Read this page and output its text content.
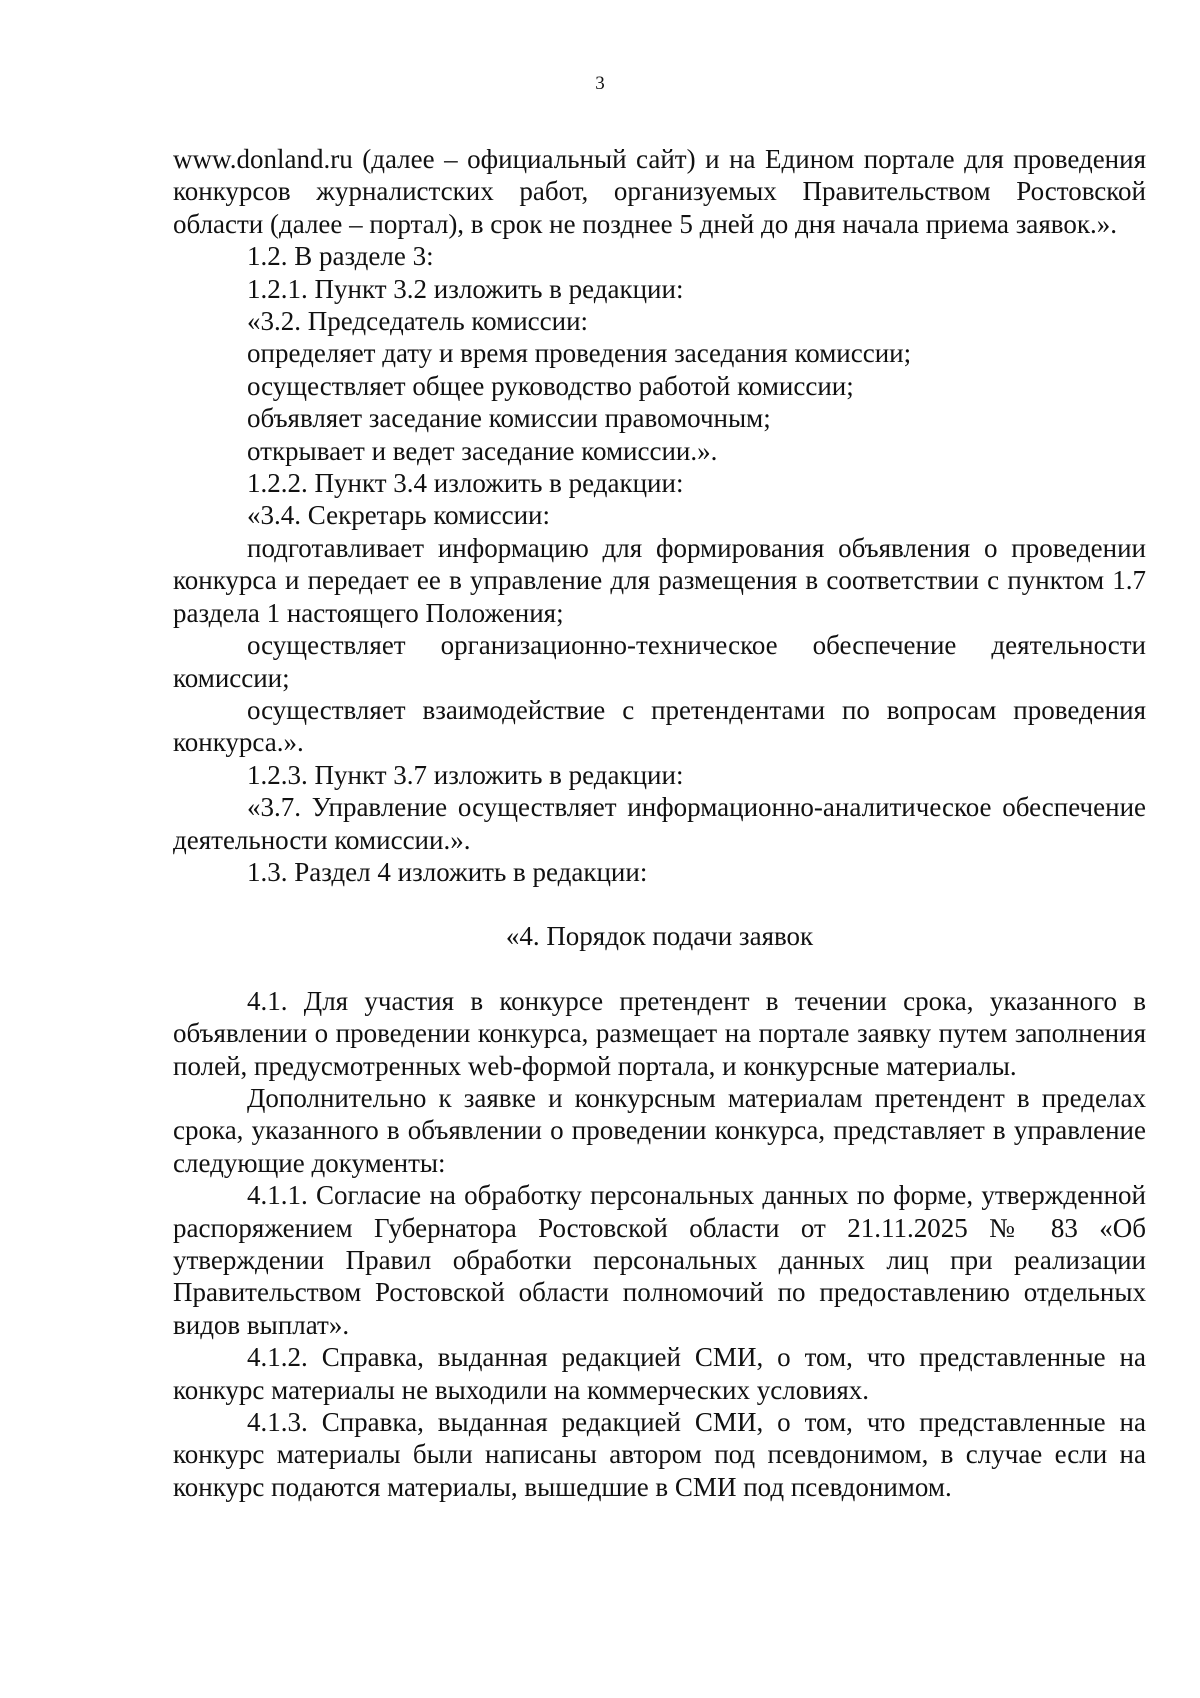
3

www.donland.ru (далее – официальный сайт) и на Едином портале для проведения конкурсов журналистских работ, организуемых Правительством Ростовской области (далее – портал), в срок не позднее 5 дней до дня начала приема заявок.».

1.2. В разделе 3:

1.2.1. Пункт 3.2 изложить в редакции:

«3.2. Председатель комиссии:

определяет дату и время проведения заседания комиссии;

осуществляет общее руководство работой комиссии;

объявляет заседание комиссии правомочным;

открывает и ведет заседание комиссии.».

1.2.2. Пункт 3.4 изложить в редакции:

«3.4. Секретарь комиссии:

подготавливает информацию для формирования объявления о проведении конкурса и передает ее в управление для размещения в соответствии с пунктом 1.7 раздела 1 настоящего Положения;

осуществляет организационно-техническое обеспечение деятельности комиссии;

осуществляет взаимодействие с претендентами по вопросам проведения конкурса.».

1.2.3. Пункт 3.7 изложить в редакции:

«3.7. Управление осуществляет информационно-аналитическое обеспечение деятельности комиссии.».

1.3. Раздел 4 изложить в редакции:

«4. Порядок подачи заявок

4.1. Для участия в конкурсе претендент в течении срока, указанного в объявлении о проведении конкурса, размещает на портале заявку путем заполнения полей, предусмотренных web-формой портала, и конкурсные материалы.

Дополнительно к заявке и конкурсным материалам претендент в пределах срока, указанного в объявлении о проведении конкурса, представляет в управление следующие документы:

4.1.1. Согласие на обработку персональных данных по форме, утвержденной распоряжением Губернатора Ростовской области от 21.11.2025 № 83 «Об утверждении Правил обработки персональных данных лиц при реализации Правительством Ростовской области полномочий по предоставлению отдельных видов выплат».

4.1.2. Справка, выданная редакцией СМИ, о том, что представленные на конкурс материалы не выходили на коммерческих условиях.

4.1.3. Справка, выданная редакцией СМИ, о том, что представленные на конкурс материалы были написаны автором под псевдонимом, в случае если на конкурс подаются материалы, вышедшие в СМИ под псевдонимом.
